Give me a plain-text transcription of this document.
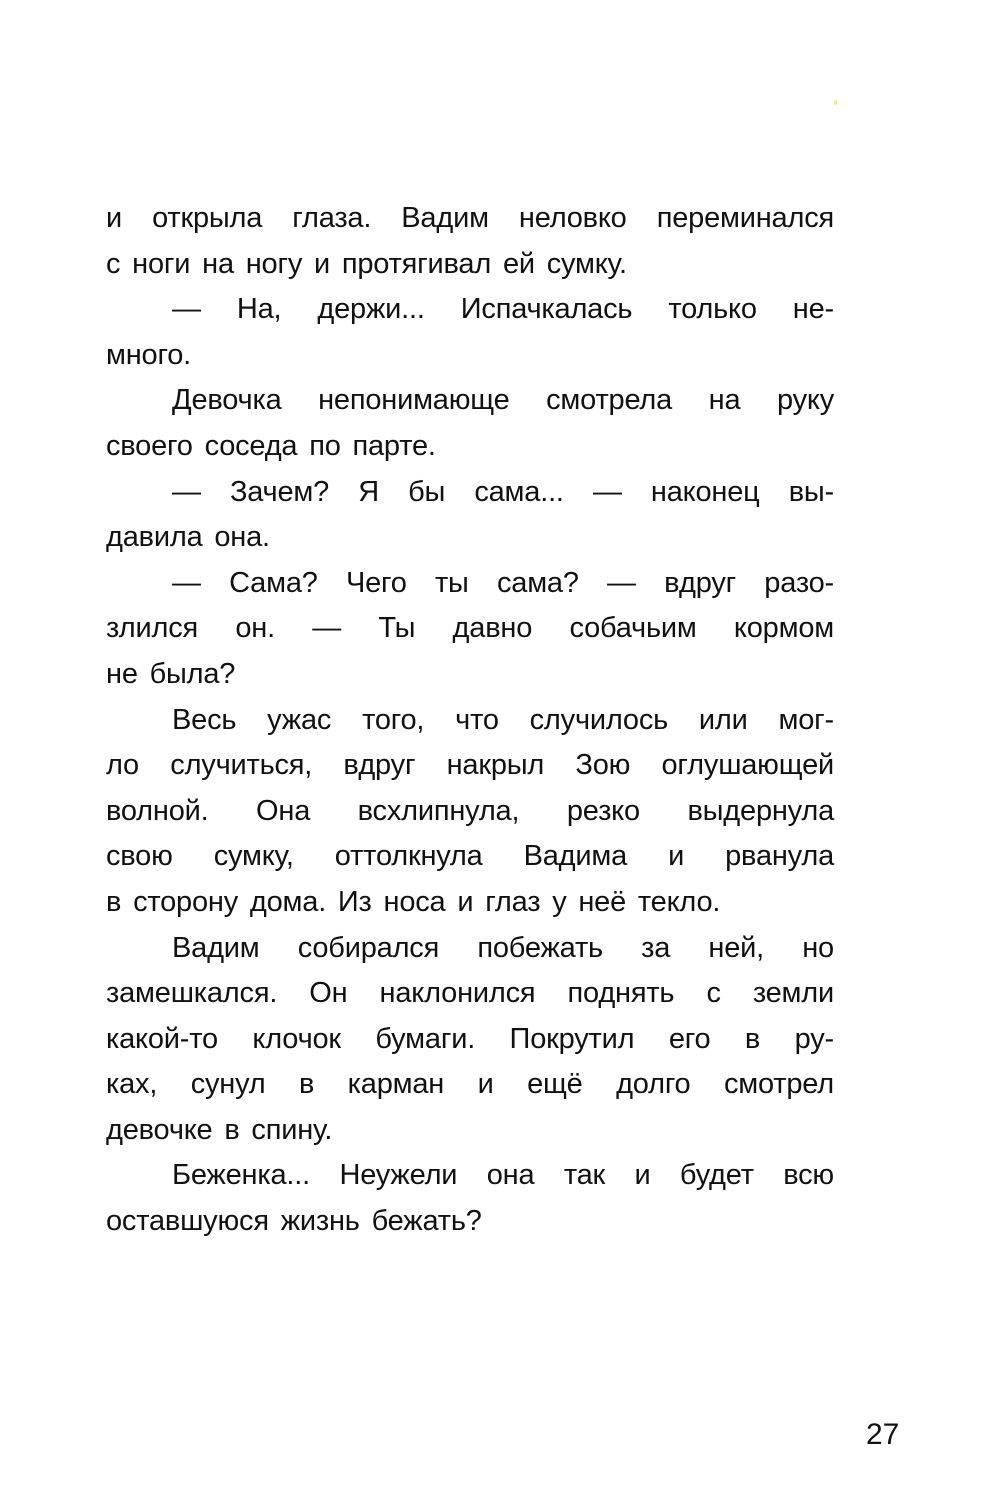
и открыла глаза. Вадим неловко переминался
с ноги на ногу и протягивал ей сумку.
— На, держи... Испачкалась только не-
много.
Девочка непонимающе смотрела на руку
своего соседа по парте.
— Зачем? Я бы сама... — наконец вы-
давила она.
— Сама? Чего ты сама? — вдруг разо-
злился он. — Ты давно собачьим кормом
не была?
Весь ужас того, что случилось или мог-
ло случиться, вдруг накрыл Зою оглушающей
волной. Она всхлипнула, резко выдернула
свою сумку, оттолкнула Вадима и рванула
в сторону дома. Из носа и глаз у неё текло.
Вадим собирался побежать за ней, но
замешкался. Он наклонился поднять с земли
какой-то клочок бумаги. Покрутил его в ру-
ках, сунул в карман и ещё долго смотрел
девочке в спину.
Беженка... Неужели она так и будет всю
оставшуюся жизнь бежать?
27
